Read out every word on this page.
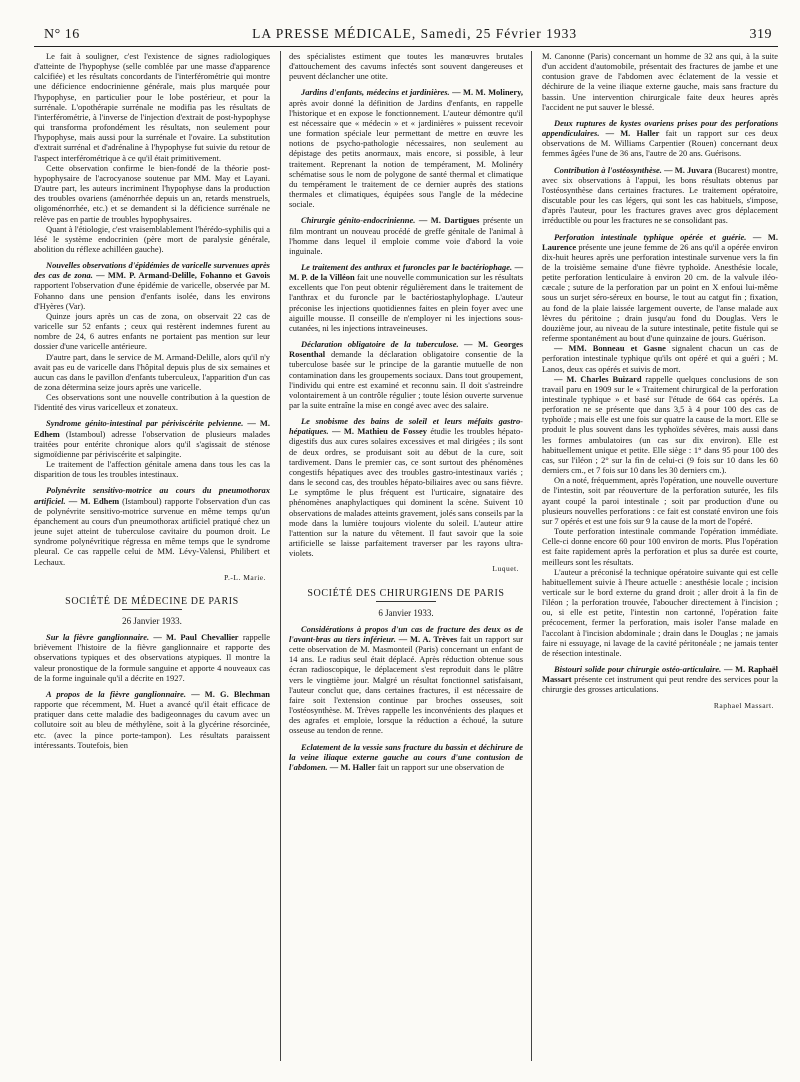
N° 16	LA PRESSE MÉDICALE, Samedi, 25 Février 1933	319

Le fait à souligner, c'est l'existence de signes radiologiques d'atteinte de l'hypophyse (selle comblée par une masse d'apparence calcifiée) et les résultats concordants de l'interférométrie qui montre une déficience endocrinienne générale, mais plus marquée pour l'hypophyse, en particulier pour le lobe postérieur, et pour la surrénale. L'opothérapie surrénale ne modifia pas les résultats de l'interférométrie, à l'inverse de l'injection d'extrait de post-hypophyse qui transforma profondément les résultats, non seulement pour l'hypophyse, mais aussi pour la surrénale et l'ovaire. La substitution d'extrait surrénal et d'adrénaline à l'hypophyse fut suivie du retour de l'aspect interférométrique à ce qu'il était primitivement.

Cette observation confirme le bien-fondé de la théorie post-hypophysaire de l'acrocyanose soutenue par MM. May et Layani. D'autre part, les auteurs incriminent l'hypophyse dans la production des troubles ovariens (aménorrhée depuis un an, retards menstruels, oligoménorrhée, etc.) et se demandent si la déficience surrénale ne relève pas en partie de troubles hypophysaires.

Quant à l'étiologie, c'est vraisemblablement l'hérédo-syphilis qui a lésé le système endocrinien (père mort de paralysie générale, abolition du réflexe achilléen gauche).

Nouvelles observations d'épidémies de varicelle survenues après des cas de zona. — MM. P. Armand-Delille, Fohanno et Gavois rapportent l'observation d'une épidémie de varicelle, observée par M. Fohanno dans une pension d'enfants isolée, dans les environs d'Hyères (Var).

Quinze jours après un cas de zona, on observait 22 cas de varicelle sur 52 enfants ; ceux qui restèrent indemnes furent au nombre de 24, 6 autres enfants ne portaient pas mention sur leur dossier d'une varicelle antérieure.

D'autre part, dans le service de M. Armand-Delille, alors qu'il n'y avait pas eu de varicelle dans l'hôpital depuis plus de six semaines et aucun cas dans le pavillon d'enfants tuberculeux, l'apparition d'un cas de zona détermina seize jours après une varicelle.

Ces observations sont une nouvelle contribution à la question de l'identité des virus varicelleux et zonateux.

Syndrome génito-intestinal par périviscérite pelvienne. — M. Edhem (Istamboul) adresse l'observation de plusieurs malades traitées pour entérite chronique alors qu'il s'agissait de sténose sigmoïdienne par périviscérite et salpingite.

Le traitement de l'affection génitale amena dans tous les cas la disparition de tous les troubles intestinaux.

Polynévrite sensitivo-motrice au cours du pneumothorax artificiel. — M. Edhem (Istamboul) rapporte l'observation d'un cas de polynévrite sensitivo-motrice survenue en même temps qu'un épanchement au cours d'un pneumothorax artificiel pratiqué chez un jeune sujet atteint de tuberculose cavitaire du poumon droit. Le syndrome polynévritique régressa en même temps que le syndrome pleural. Ce cas rappelle celui de MM. Lévy-Valensi, Philibert et Lechaux.

P.-L. Marie.
SOCIÉTÉ DE MÉDECINE DE PARIS
26 Janvier 1933.

Sur la fièvre ganglionnaire. — M. Paul Chevallier rappelle brièvement l'histoire de la fièvre ganglionnaire et rapporte des observations typiques et des observations atypiques. Il montre la valeur pronostique de la formule sanguine et apporte 4 nouveaux cas de la forme inguinale qu'il a décrite en 1927.

A propos de la fièvre ganglionnaire. — M. G. Blechman rapporte que récemment, M. Huet a avancé qu'il était efficace de pratiquer dans cette maladie des badigeonnages du cavum avec un collutoire soit au bleu de méthylène, soit à la glycérine résorcinée, etc. (avec la pince porte-tampon). Les résultats paraissent intéressants. Toutefois, bien

des spécialistes estiment que toutes les manœuvres brutales d'attouchement des cavums infectés sont souvent dangereuses et peuvent déclancher une otite.

Jardins d'enfants, médecins et jardinières. — M. M. Molinery, après avoir donné la définition de Jardins d'enfants, en rappelle l'historique et en expose le fonctionnement. L'auteur démontre qu'il est nécessaire que « médecin » et « jardinières » puissent recevoir une formation spéciale leur permettant de mettre en œuvre les notions de psycho-pathologie nécessaires, non seulement au dépistage des petits anormaux, mais encore, si possible, à leur traitement. Reprenant la notion de tempérament, M. Molinéry schématise sous le nom de polygone de santé thermal et climatique du tempérament le traitement de ce dernier auprès des stations thermales et climatiques, équipées sous l'angle de la médecine sociale.

Chirurgie génito-endocrinienne. — M. Dartigues présente un film montrant un nouveau procédé de greffe génitale de l'animal à l'homme dans lequel il emploie comme voie d'abord la voie inguinale.

Le traitement des anthrax et furoncles par le bactériophage. — M. P. de la Villéon fait une nouvelle communication sur les résultats excellents que l'on peut obtenir régulièrement dans le traitement de l'anthrax et du furoncle par le bactériostaphylophage. L'auteur préconise les injections quotidiennes faites en plein foyer avec une aiguille mousse. Il conseille de n'employer ni les injections sous-cutanées, ni les injections intraveineuses.

Déclaration obligatoire de la tuberculose. — M. Georges Rosenthal demande la déclaration obligatoire consentie de la tuberculose basée sur le principe de la garantie mutuelle de non contamination dans les groupements sociaux. Dans tout groupement, l'individu qui entre est examiné et reconnu sain. Il doit s'astreindre volontairement à un contrôle régulier ; toute lésion ouverte survenue par la suite entraîne la mise en congé avec avec des salaire.

Le snobisme des bains de soleil et leurs méfaits gastro-hépatiques. — M. Mathieu de Fossey étudie les troubles hépato-digestifs dus aux cures solaires excessives et mal dirigées ; ils sont de deux ordres, se produisant soit au début de la cure, soit tardivement. Dans le premier cas, ce sont surtout des phénomènes congestifs hépatiques avec des troubles gastro-intestinaux variés ; dans le second cas, des troubles hépato-biliaires avec ou sans fièvre. Le symptôme le plus fréquent est l'urticaire, signataire des phénomènes anaphylactiques qui dominent la scène. Suivent 10 observations de malades atteints gravement, jolés sans conseils par la mode dans la lumière toujours violente du soleil. L'auteur attire l'attention sur la nature du vêtement. Il faut savoir que la soie artificielle se laisse parfaitement traverser par les rayons ultra-violets.

Luquet.
SOCIÉTÉ DES CHIRURGIENS DE PARIS
6 Janvier 1933.

Considérations à propos d'un cas de fracture des deux os de l'avant-bras au tiers inférieur. — M. A. Trèves fait un rapport sur cette observation de M. Masmonteil (Paris) concernant un enfant de 14 ans. Le radius seul était déplacé. Après réduction obtenue sous écran radioscopique, le déplacement s'est reproduit dans le plâtre vers le vingtième jour. Malgré un résultat fonctionnel satisfaisant, l'auteur conclut que, dans certaines fractures, il est nécessaire de faire soit l'extension continue par broches osseuses, soit l'ostéosynthèse. M. Trèves rappelle les inconvénients des plaques et des agrafes et emploie, lorsque la réduction a échoué, la suture osseuse au tendon de renne.

Eclatement de la vessie sans fracture du bassin et déchirure de la veine iliaque externe gauche au cours d'une contusion de l'abdomen. — M. Haller fait un rapport sur une observation de

M. Canonne (Paris) concernant un homme de 32 ans qui, à la suite d'un accident d'automobile, présentait des fractures de jambe et une contusion grave de l'abdomen avec éclatement de la vessie et déchirure de la veine iliaque externe gauche, mais sans fracture du bassin. Une intervention chirurgicale faite deux heures après l'accident ne put sauver le blessé.

Deux ruptures de kystes ovariens prises pour des perforations appendiculaires. — M. Haller fait un rapport sur ces deux observations de M. Williams Carpentier (Rouen) concernant deux femmes âgées l'une de 36 ans, l'autre de 20 ans. Guérisons.

Contribution à l'ostéosynthèse. — M. Juvara (Bucarest) montre, avec six observations à l'appui, les bons résultats obtenus par l'ostéosynthèse dans certaines fractures. Le traitement opératoire, discutable pour les cas légers, qui sont les cas habituels, s'impose, d'après l'auteur, pour les fractures graves avec gros déplacement irréductible ou pour les fractures ne se consolidant pas.

Perforation intestinale typhique opérée et guérie. — M. Laurence présente une jeune femme de 26 ans qu'il a opérée environ dix-huit heures après une perforation intestinale survenue vers la fin de la troisième semaine d'une fièvre typhoïde. Anesthésie locale, petite perforation lenticulaire à environ 20 cm. de la valvule iléo-cæcale ; suture de la perforation par un point en X enfoui lui-même sous un surjet séro-séreux en bourse, le tout au catgut fin ; fixation, au fond de la plaie laissée largement ouverte, de l'anse malade aux lèvres du péritoine ; drain jusqu'au fond du Douglas. Vers le douzième jour, au niveau de la suture intestinale, petite fistule qui se referme spontanément au bout d'une quinzaine de jours. Guérison.

— MM. Bonneau et Gasne signalent chacun un cas de perforation intestinale typhique qu'ils ont opéré et qui a guéri ; M. Lanos, deux cas opérés et suivis de mort.

— M. Charles Buizard rappelle quelques conclusions de son travail paru en 1909 sur le « Traitement chirurgical de la perforation intestinale typhique » et basé sur l'étude de 664 cas opérés. La perforation ne se présente que dans 3,5 à 4 pour 100 des cas de typhoïde ; mais elle est une fois sur quatre la cause de la mort. Elle se produit le plus souvent dans les typhoïdes sévères, mais aussi dans les formes ambulatoires (un cas sur dix environ). Elle est habituellement unique et petite. Elle siège : 1° dans 95 pour 100 des cas, sur l'iléon ; 2° sur la fin de celui-ci (9 fois sur 10 dans les 60 derniers cm., et 7 fois sur 10 dans les 30 derniers cm.).

On a noté, fréquemment, après l'opération, une nouvelle ouverture de l'intestin, soit par réouverture de la perforation suturée, les fils ayant coupé la paroi intestinale ; soit par production d'une ou plusieurs nouvelles perforations : ce fait est constaté environ une fois sur 7 opérés et est une fois sur 9 la cause de la mort de l'opéré.

Toute perforation intestinale commande l'opération immédiate. Celle-ci donne encore 60 pour 100 environ de morts. Plus l'opération est faite rapidement après la perforation et plus sa durée est courte, meilleurs sont les résultats.

L'auteur a préconisé la technique opératoire suivante qui est celle habituellement suivie à l'heure actuelle : anesthésie locale ; incision verticale sur le bord externe du grand droit ; aller droit à la fin de l'iléon ; la perforation trouvée, l'aboucher directement à l'incision ; ou, si elle est petite, l'intestin non cartonné, l'opération faite précocement, fermer la perforation, mais isoler l'anse malade en l'accolant à l'incision abdominale ; drain dans le Douglas ; ne jamais faire ni essuyage, ni lavage de la cavité péritonéale ; ne jamais tenter de résection intestinale.

Bistouri solide pour chirurgie ostéo-articulaire. — M. Raphaël Massart présente cet instrument qui peut rendre des services pour la chirurgie des grosses articulations.

Raphael Massart.
